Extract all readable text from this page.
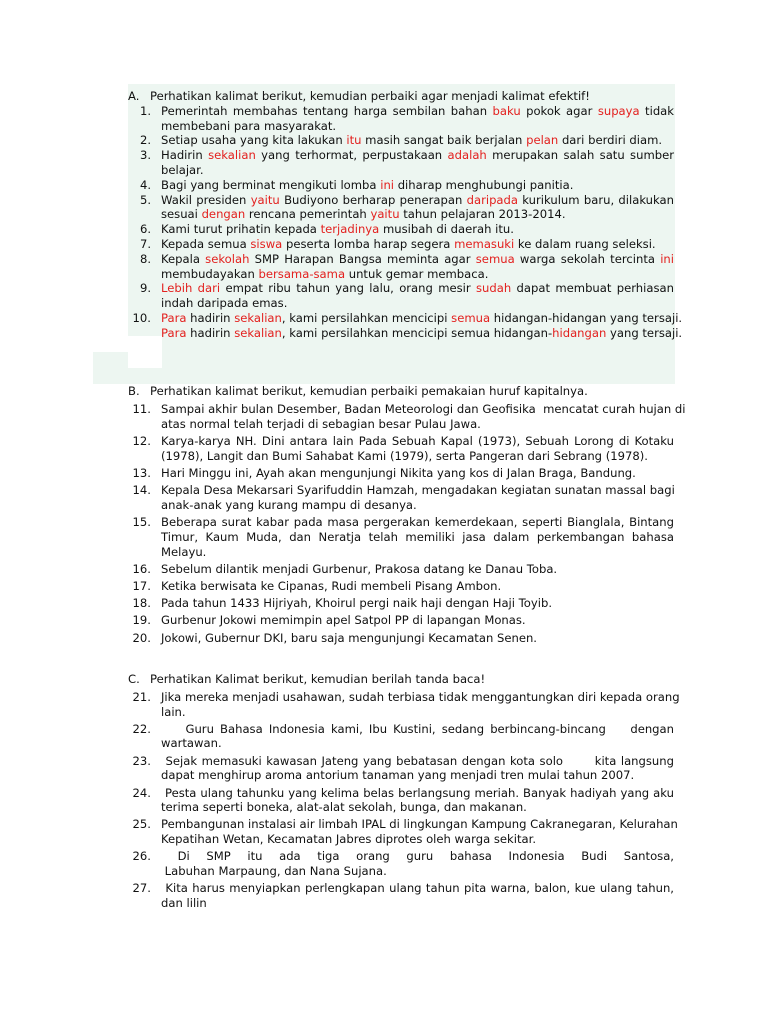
A. Perhatikan kalimat berikut, kemudian perbaiki agar menjadi kalimat efektif!
1. Pemerintah membahas tentang harga sembilan bahan baku pokok agar supaya tidak
membebani para masyarakat.
2. Setiap usaha yang kita lakukan itu masih sangat baik berjalan pelan dari berdiri diam.
3. Hadirin sekalian yang terhormat, perpustakaan adalah merupakan salah satu sumber
belajar.
4. Bagi yang berminat mengikuti lomba ini diharap menghubungi panitia.
5. Wakil presiden yaitu Budiyono berharap penerapan daripada kurikulum baru, dilakukan
sesuai dengan rencana pemerintah yaitu tahun pelajaran 2013-2014.
6. Kami turut prihatin kepada terjadinya musibah di daerah itu.
7. Kepada semua siswa peserta lomba harap segera memasuki ke dalam ruang seleksi.
8. Kepala sekolah SMP Harapan Bangsa meminta agar semua warga sekolah tercinta ini
membudayakan bersama-sama untuk gemar membaca.
9. Lebih dari empat ribu tahun yang lalu, orang mesir sudah dapat membuat perhiasan
indah daripada emas.
10. Para hadirin sekalian, kami persilahkan mencicipi semua hidangan-hidangan yang tersaji.
Para hadirin sekalian, kami persilahkan mencicipi semua hidangan-hidangan yang tersaji.
B. Perhatikan kalimat berikut, kemudian perbaiki pemakaian huruf kapitalnya.
11. Sampai akhir bulan Desember, Badan Meteorologi dan Geofisika  mencatat curah hujan di
atas normal telah terjadi di sebagian besar Pulau Jawa.
12. Karya-karya NH. Dini antara lain Pada Sebuah Kapal (1973), Sebuah Lorong di Kotaku
(1978), Langit dan Bumi Sahabat Kami (1979), serta Pangeran dari Sebrang (1978).
13. Hari Minggu ini, Ayah akan mengunjungi Nikita yang kos di Jalan Braga, Bandung.
14. Kepala Desa Mekarsari Syarifuddin Hamzah, mengadakan kegiatan sunatan massal bagi
anak-anak yang kurang mampu di desanya.
15. Beberapa surat kabar pada masa pergerakan kemerdekaan, seperti Bianglala, Bintang
Timur, Kaum Muda, dan Neratja telah memiliki jasa dalam perkembangan bahasa
Melayu.
16. Sebelum dilantik menjadi Gurbenur, Prakosa datang ke Danau Toba.
17. Ketika berwisata ke Cipanas, Rudi membeli Pisang Ambon.
18. Pada tahun 1433 Hijriyah, Khoirul pergi naik haji dengan Haji Toyib.
19. Gurbenur Jokowi memimpin apel Satpol PP di lapangan Monas.
20. Jokowi, Gubernur DKI, baru saja mengunjungi Kecamatan Senen.
C. Perhatikan Kalimat berikut, kemudian berilah tanda baca!
21. Jika mereka menjadi usahawan, sudah terbiasa tidak menggantungkan diri kepada orang
lain.
22. Guru Bahasa Indonesia kami, Ibu Kustini, sedang berbincang-bincang    dengan
wartawan.
23. Sejak memasuki kawasan Jateng yang bebatasan dengan kota solo       kita langsung
dapat menghirup aroma antorium tanaman yang menjadi tren mulai tahun 2007.
24. Pesta ulang tahunku yang kelima belas berlangsung meriah. Banyak hadiyah yang aku
terima seperti boneka, alat-alat sekolah, bunga, dan makanan.
25. Pembangunan instalasi air limbah IPAL di lingkungan Kampung Cakranegaran, Kelurahan
Kepatihan Wetan, Kecamatan Jabres diprotes oleh warga sekitar.
26. Di SMP itu ada tiga orang guru bahasa Indonesia Budi Santosa,
Labuhan Marpaung, dan Nana Sujana.
27. Kita harus menyiapkan perlengkapan ulang tahun pita warna, balon, kue ulang tahun,
dan lilin
